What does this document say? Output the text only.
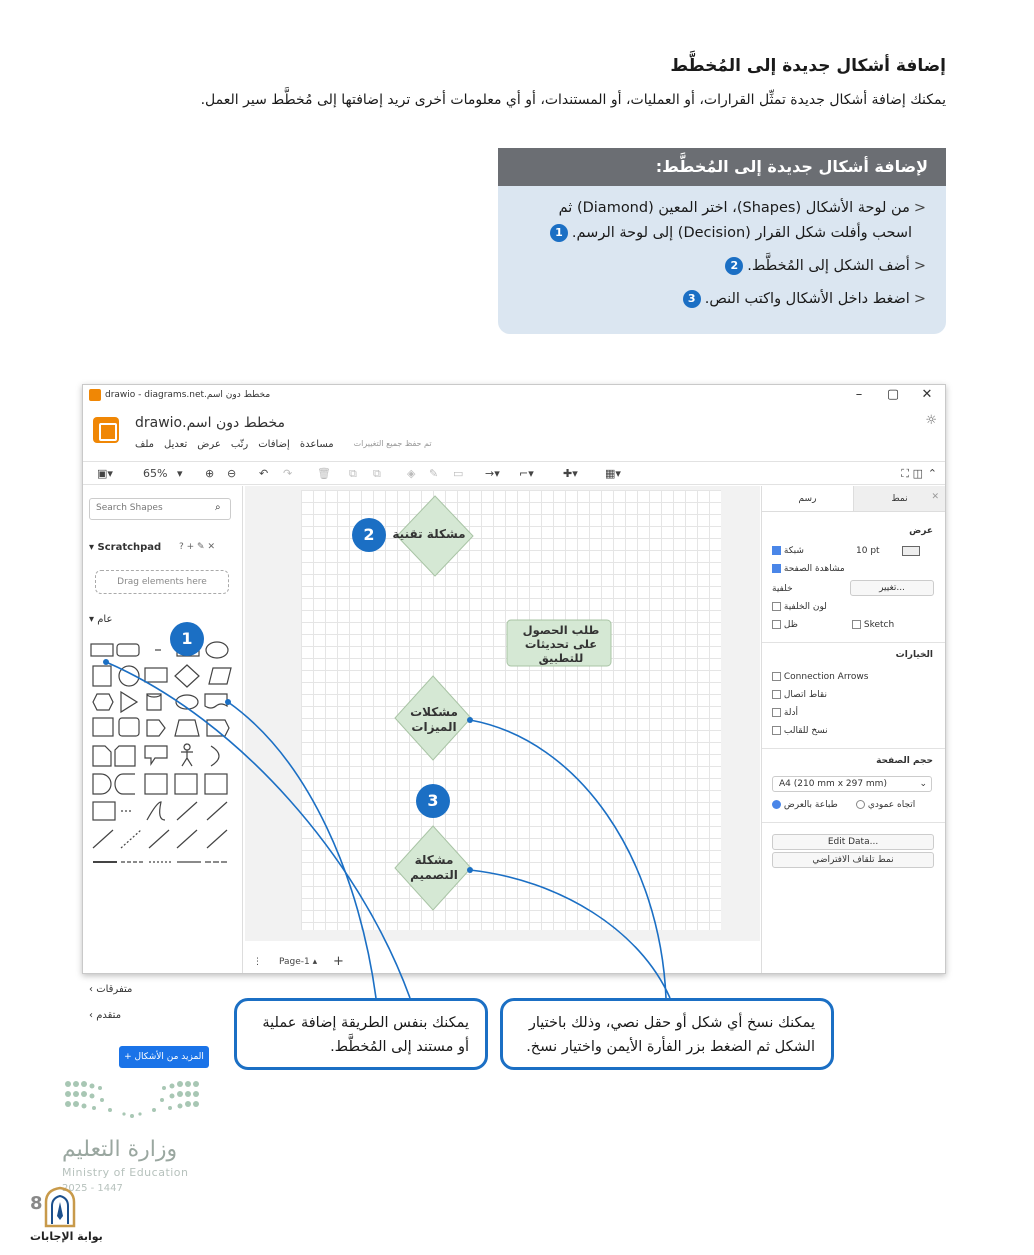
إضافة أشكال جديدة إلى المُخطَّط
يمكنك إضافة أشكال جديدة تمثِّل القرارات، أو العمليات، أو المستندات، أو أي معلومات أخرى تريد إضافتها إلى مُخطَّط سير العمل.
لإضافة أشكال جديدة إلى المُخطَّط:
<من لوحة الأشكال (Shapes)، اختر المعين (Diamond) ثم
اسحب وأفلت شكل القرار (Decision) إلى لوحة الرسم.1
<أضف الشكل إلى المُخطَّط.2
<اضغط داخل الأشكال واكتب النص.3
مخطط دون اسم.drawio - diagrams.net	–	▢	✕
مخطط دون اسم.drawio
ملف تعديل عرض رتّب إضافات مساعدة	تم حفظ جميع التغييرات
☼
▣▾	65% ▾ ⊕ ⊖ ↶ ↷ 🗑 ⧉ ⧉ ◈ ✎ ▭ →▾ ⌐▾	✚▾ ▦▾	⛶ ◫ ⌃
Search Shapes	⌕
▾ Scratchpad ? + ✎ ✕
Drag elements here
▾ عام
‹ متفرقات
‹ متقدم
+ المزيد من الأشكال
مشكلة تقنية
طلب الحصول على تحديثات للتطبيق
مشكلات الميزات
مشكلة التصميم
⋮ Page-1 ▴ +
رسم	نمط	✕
عرض
شبكة	10 pt
مشاهدة الصفحة
خلفية	تغيير...
لون الخلفية
ظل	Sketch
الخيارات
Connection Arrows
نقاط اتصال
أدلة
نسخ للقالب
حجم الصفحة
A4 (210 mm x 297 mm)	⌄
طباعة بالعرض	اتجاه عمودي
Edit Data...
نمط تلقاف الافتراضي
1
2
3
يمكنك نسخ أي شكل أو حقل نصي، وذلك باختيار الشكل ثم الضغط بزر الفأرة الأيمن واختيار نسخ.
يمكنك بنفس الطريقة إضافة عملية أو مستند إلى المُخطَّط.
وزارة التعليم
Ministry of Education
2025 - 1447
8
بوابة الإجابات
